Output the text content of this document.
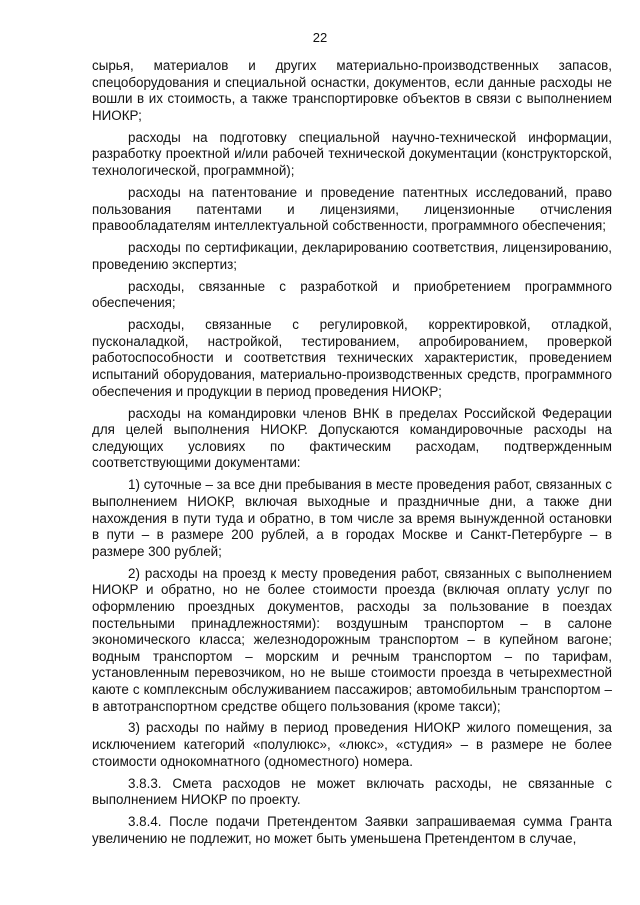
22

сырья, материалов и других материально-производственных запасов, спецоборудования и специальной оснастки, документов, если данные расходы не вошли в их стоимость, а также транспортировке объектов в связи с выполнением НИОКР;

расходы на подготовку специальной научно-технической информации, разработку проектной и/или рабочей технической документации (конструкторской, технологической, программной);

расходы на патентование и проведение патентных исследований, право пользования патентами и лицензиями, лицензионные отчисления правообладателям интеллектуальной собственности, программного обеспечения;

расходы по сертификации, декларированию соответствия, лицензированию, проведению экспертиз;

расходы, связанные с разработкой и приобретением программного обеспечения;

расходы, связанные с регулировкой, корректировкой, отладкой, пусконаладкой, настройкой, тестированием, апробированием, проверкой работоспособности и соответствия технических характеристик, проведением испытаний оборудования, материально-производственных средств, программного обеспечения и продукции в период проведения НИОКР;

расходы на командировки членов ВНК в пределах Российской Федерации для целей выполнения НИОКР. Допускаются командировочные расходы на следующих условиях по фактическим расходам, подтвержденным соответствующими документами:

1) суточные – за все дни пребывания в месте проведения работ, связанных с выполнением НИОКР, включая выходные и праздничные дни, а также дни нахождения в пути туда и обратно, в том числе за время вынужденной остановки в пути – в размере 200 рублей, а в городах Москве и Санкт-Петербурге – в размере 300 рублей;

2) расходы на проезд к месту проведения работ, связанных с выполнением НИОКР и обратно, но не более стоимости проезда (включая оплату услуг по оформлению проездных документов, расходы за пользование в поездах постельными принадлежностями): воздушным транспортом – в салоне экономического класса; железнодорожным транспортом – в купейном вагоне; водным транспортом – морским и речным транспортом – по тарифам, установленным перевозчиком, но не выше стоимости проезда в четырехместной каюте с комплексным обслуживанием пассажиров; автомобильным транспортом – в автотранспортном средстве общего пользования (кроме такси);

3) расходы по найму в период проведения НИОКР жилого помещения, за исключением категорий «полулюкс», «люкс», «студия» – в размере не более стоимости однокомнатного (одноместного) номера.

3.8.3. Смета расходов не может включать расходы, не связанные с выполнением НИОКР по проекту.

3.8.4. После подачи Претендентом Заявки запрашиваемая сумма Гранта увеличению не подлежит, но может быть уменьшена Претендентом в случае,
